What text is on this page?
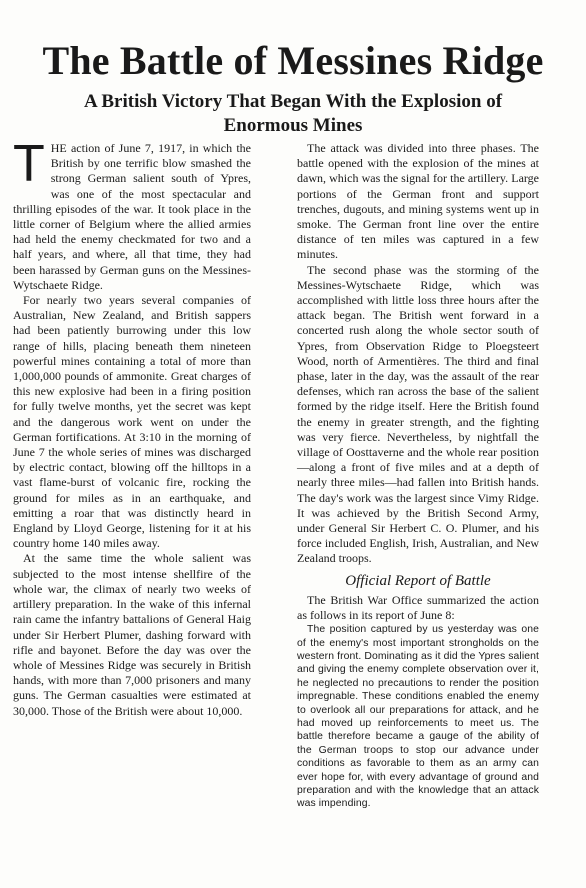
The Battle of Messines Ridge
A British Victory That Began With the Explosion of Enormous Mines

THE action of June 7, 1917, in which the British by one terrific blow smashed the strong German salient south of Ypres, was one of the most spectacular and thrilling episodes of the war. It took place in the little corner of Belgium where the allied armies had held the enemy checkmated for two and a half years, and where, all that time, they had been harassed by German guns on the Messines-Wytschaete Ridge.

For nearly two years several companies of Australian, New Zealand, and British sappers had been patiently burrowing under this low range of hills, placing beneath them nineteen powerful mines containing a total of more than 1,000,000 pounds of ammonite. Great charges of this new explosive had been in a firing position for fully twelve months, yet the secret was kept and the dangerous work went on under the German fortifications. At 3:10 in the morning of June 7 the whole series of mines was discharged by electric contact, blowing off the hilltops in a vast flame-burst of volcanic fire, rocking the ground for miles as in an earthquake, and emitting a roar that was distinctly heard in England by Lloyd George, listening for it at his country home 140 miles away.

At the same time the whole salient was subjected to the most intense shellfire of the whole war, the climax of nearly two weeks of artillery preparation. In the wake of this infernal rain came the infantry battalions of General Haig under Sir Herbert Plumer, dashing forward with rifle and bayonet. Before the day was over the whole of Messines Ridge was securely in British hands, with more than 7,000 prisoners and many guns. The German casualties were estimated at 30,000. Those of the British were about 10,000.

The attack was divided into three phases. The battle opened with the explosion of the mines at dawn, which was the signal for the artillery. Large portions of the German front and support trenches, dugouts, and mining systems went up in smoke. The German front line over the entire distance of ten miles was captured in a few minutes.

The second phase was the storming of the Messines-Wytschaete Ridge, which was accomplished with little loss three hours after the attack began. The British went forward in a concerted rush along the whole sector south of Ypres, from Observation Ridge to Ploegsteert Wood, north of Armentières. The third and final phase, later in the day, was the assault of the rear defenses, which ran across the base of the salient formed by the ridge itself. Here the British found the enemy in greater strength, and the fighting was very fierce. Nevertheless, by nightfall the village of Oosttaverne and the whole rear position—along a front of five miles and at a depth of nearly three miles—had fallen into British hands. The day's work was the largest since Vimy Ridge. It was achieved by the British Second Army, under General Sir Herbert C. O. Plumer, and his force included English, Irish, Australian, and New Zealand troops.

Official Report of Battle

The British War Office summarized the action as follows in its report of June 8:

The position captured by us yesterday was one of the enemy's most important strongholds on the western front. Dominating as it did the Ypres salient and giving the enemy complete observation over it, he neglected no precautions to render the position impregnable. These conditions enabled the enemy to overlook all our preparations for attack, and he had moved up reinforcements to meet us. The battle therefore became a gauge of the ability of the German troops to stop our advance under conditions as favorable to them as an army can ever hope for, with every advantage of ground and preparation and with the knowledge that an attack was impending.
